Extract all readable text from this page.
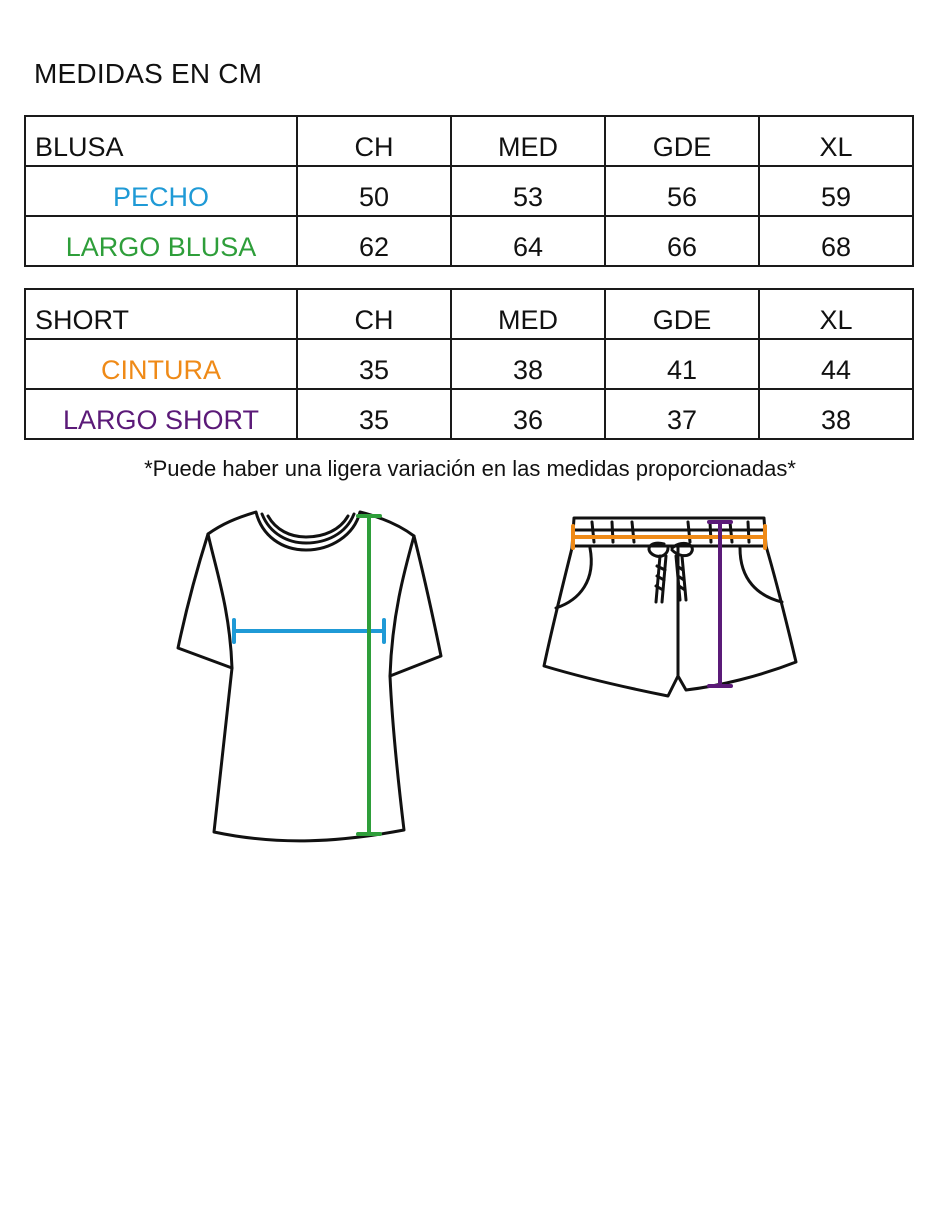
MEDIDAS EN CM
BLUSA	CH	MED	GDE	XL
PECHO	50	53	56	59
LARGO BLUSA	62	64	66	68
SHORT	CH	MED	GDE	XL
CINTURA	35	38	41	44
LARGO SHORT	35	36	37	38
*Puede haber una ligera variación en las medidas proporcionadas*
